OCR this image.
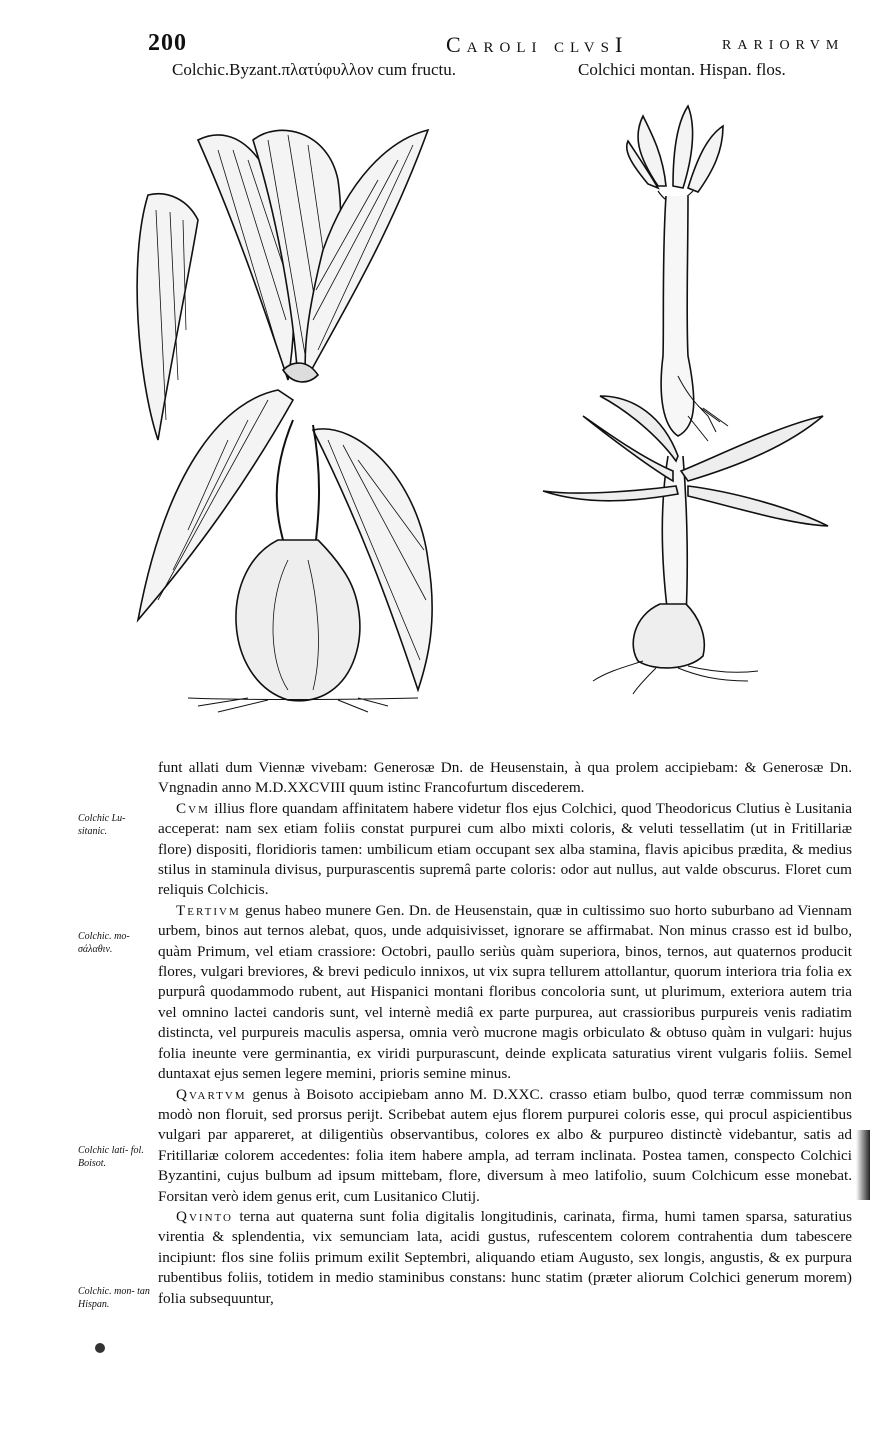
200	Caroli clvsI	rariorvm
Colchic.Byzant.πλατύφυλλον cum fructu.	Colchici montan. Hispan. flos.
Colchic Lu- sitanic.
Colchic. mo- σάλαθιν.
Colchic lati- fol. Boisot.
Colchic. mon- tan Hispan.

funt allati dum Viennæ vivebam: Generosæ Dn. de Heusenstain, à qua prolem accipiebam: & Generosæ Dn. Vngnadin anno M.D.XXCVIII quum istinc Francofurtum discederem.

Cvm illius flore quandam affinitatem habere videtur flos ejus Colchici, quod Theodoricus Clutius è Lusitania acceperat: nam sex etiam foliis constat purpurei cum albo mixti coloris, & veluti tessellatim (ut in Fritillariæ flore) dispositi, floridioris tamen: umbilicum etiam occupant sex alba stamina, flavis apicibus prædita, & medius stilus in staminula divisus, purpurascentis supremâ parte coloris: odor aut nullus, aut valde obscurus. Floret cum reliquis Colchicis.

Tertivm genus habeo munere Gen. Dn. de Heusenstain, quæ in cultissimo suo horto suburbano ad Viennam urbem, binos aut ternos alebat, quos, unde adquisivisset, ignorare se affirmabat. Non minus crasso est id bulbo, quàm Primum, vel etiam crassiore: Octobri, paullo seriùs quàm superiora, binos, ternos, aut quaternos producit flores, vulgari breviores, & brevi pediculo innixos, ut vix supra tellurem attollantur, quorum interiora tria folia ex purpurâ quodammodo rubent, aut Hispanici montani floribus concoloria sunt, ut plurimum, exteriora autem tria vel omnino lactei candoris sunt, vel internè mediâ ex parte purpurea, aut crassioribus purpureis venis radiatim distincta, vel purpureis maculis aspersa, omnia verò mucrone magis orbiculato & obtuso quàm in vulgari: hujus folia ineunte vere germinantia, ex viridi purpurascunt, deinde explicata saturatius virent vulgaris foliis. Semel duntaxat ejus semen legere memini, prioris semine minus.

Qvartvm genus à Boisoto accipiebam anno M. D.XXC. crasso etiam bulbo, quod terræ commissum non modò non floruit, sed prorsus perijt. Scribebat autem ejus florem purpurei coloris esse, qui procul aspicientibus vulgari par appareret, at diligentiùs observantibus, colores ex albo & purpureo distinctè videbantur, satis ad Fritillariæ colorem accedentes: folia item habere ampla, ad terram inclinata. Postea tamen, conspecto Colchici Byzantini, cujus bulbum ad ipsum mittebam, flore, diversum à meo latifolio, suum Colchicum esse monebat. Forsitan verò idem genus erit, cum Lusitanico Clutij.

Qvinto terna aut quaterna sunt folia digitalis longitudinis, carinata, firma, humi tamen sparsa, saturatius virentia & splendentia, vix semunciam lata, acidi gustus, rufescentem colorem contrahentia dum tabescere incipiunt: flos sine foliis primum exilit Septembri, aliquando etiam Augusto, sex longis, angustis, & ex purpura rubentibus foliis, totidem in medio staminibus constans: hunc statim (præter aliorum Colchici generum morem) folia subsequuntur,
